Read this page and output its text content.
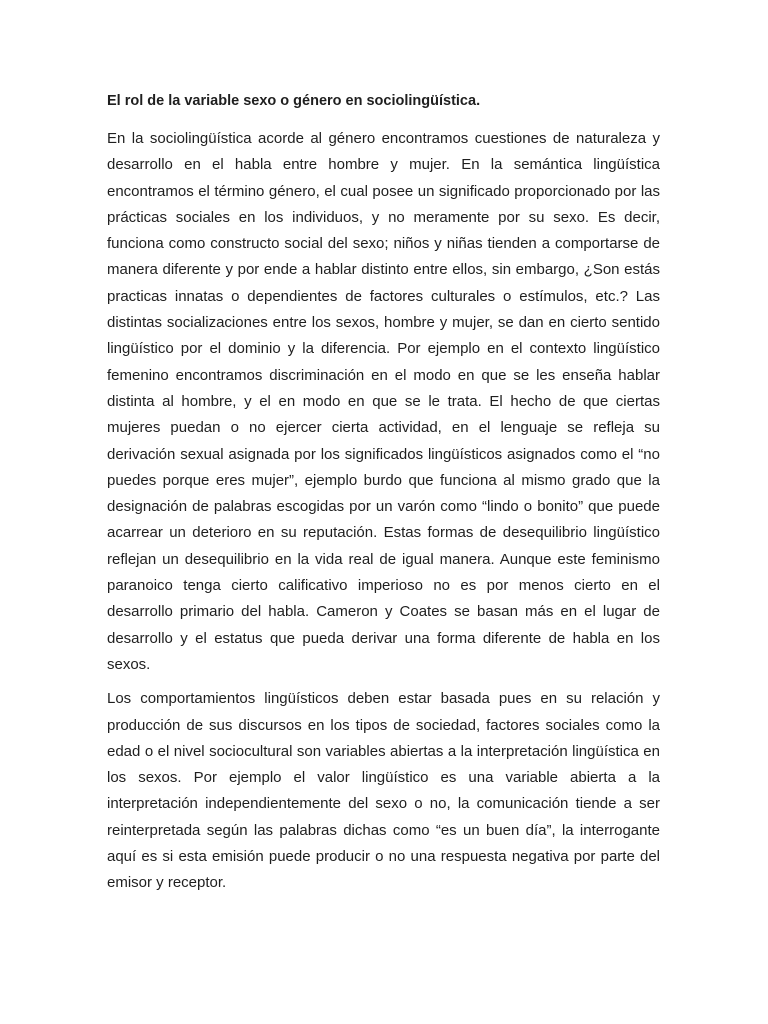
El rol de la variable sexo o género en sociolingüística.

En la sociolingüística acorde al género encontramos cuestiones de naturaleza y desarrollo en el habla entre hombre y mujer. En la semántica lingüística encontramos el término género, el cual posee un significado proporcionado por las prácticas sociales en los individuos, y no meramente por su sexo. Es decir, funciona como constructo social del sexo; niños y niñas tienden a comportarse de manera diferente y por ende a hablar distinto entre ellos, sin embargo, ¿Son estás practicas innatas o dependientes de factores culturales o estímulos, etc.? Las distintas socializaciones entre los sexos, hombre y mujer, se dan en cierto sentido lingüístico por el dominio y la diferencia. Por ejemplo en el contexto lingüístico femenino encontramos discriminación en el modo en que se les enseña hablar distinta al hombre, y el en modo en que se le trata. El hecho de que ciertas mujeres puedan o no ejercer cierta actividad, en el lenguaje se refleja su derivación sexual asignada por los significados lingüísticos asignados como el “no puedes porque eres mujer”, ejemplo burdo que funciona al mismo grado que la designación de palabras escogidas por un varón como “lindo o bonito” que puede acarrear un deterioro en su reputación. Estas formas de desequilibrio lingüístico reflejan un desequilibrio en la vida real de igual manera. Aunque este feminismo paranoico tenga cierto calificativo imperioso no es por menos cierto en el desarrollo primario del habla. Cameron y Coates se basan más en el lugar de desarrollo y el estatus que pueda derivar una forma diferente de habla en los sexos.

Los comportamientos lingüísticos deben estar basada pues en su relación y producción de sus discursos en los tipos de sociedad, factores sociales como la edad o el nivel sociocultural son variables abiertas a la interpretación lingüística en los sexos. Por ejemplo el valor lingüístico es una variable abierta a la interpretación independientemente del sexo o no, la comunicación tiende a ser reinterpretada según las palabras dichas como “es un buen día”, la interrogante aquí es si esta emisión puede producir o no una respuesta negativa por parte del emisor y receptor.
